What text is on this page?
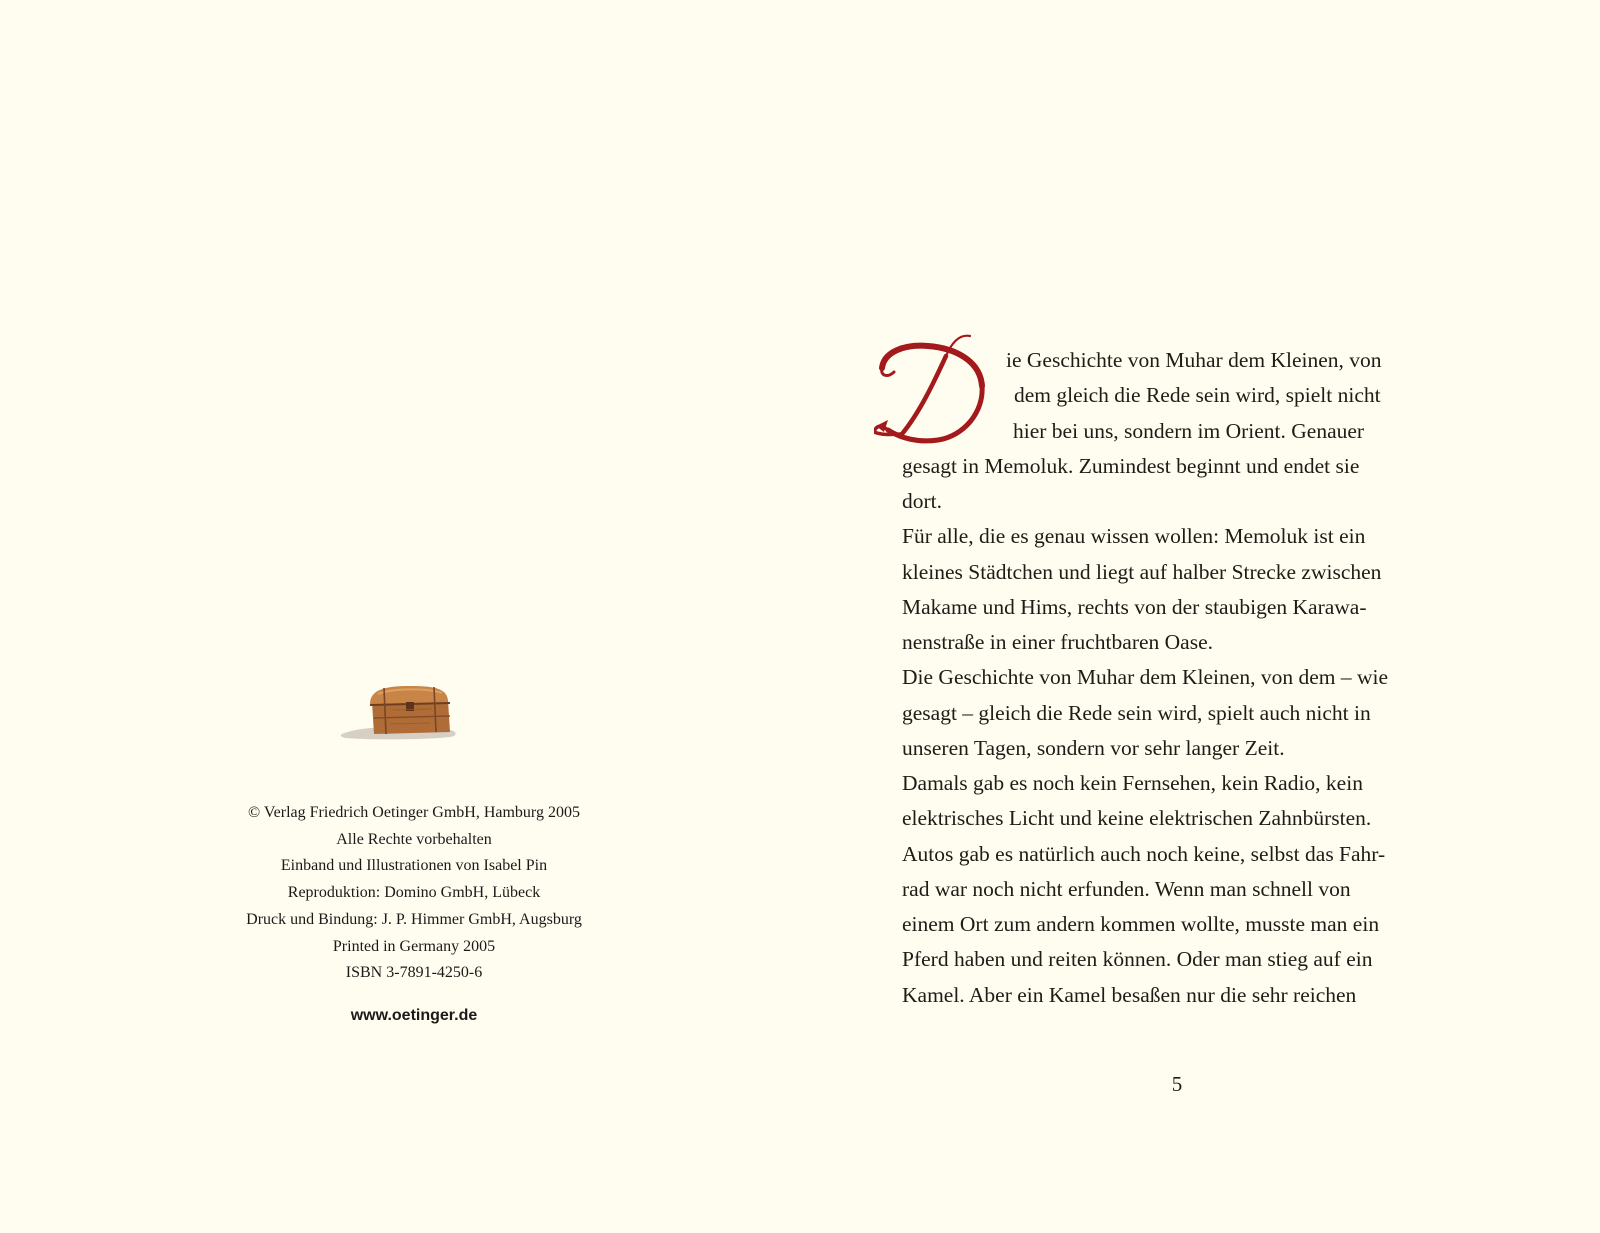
© Verlag Friedrich Oetinger GmbH, Hamburg 2005
Alle Rechte vorbehalten
Einband und Illustrationen von Isabel Pin
Reproduktion: Domino GmbH, Lübeck
Druck und Bindung: J. P. Himmer GmbH, Augsburg
Printed in Germany 2005
ISBN 3-7891-4250-6
www.oetinger.de
ie Geschichte von Muhar dem Kleinen, von
dem gleich die Rede sein wird, spielt nicht
hier bei uns, sondern im Orient. Genauer
gesagt in Memoluk. Zumindest beginnt und endet sie
dort.
Für alle, die es genau wissen wollen: Memoluk ist ein
kleines Städtchen und liegt auf halber Strecke zwischen
Makame und Hims, rechts von der staubigen Karawa-
nenstraße in einer fruchtbaren Oase.
Die Geschichte von Muhar dem Kleinen, von dem – wie
gesagt – gleich die Rede sein wird, spielt auch nicht in
unseren Tagen, sondern vor sehr langer Zeit.
Damals gab es noch kein Fernsehen, kein Radio, kein
elektrisches Licht und keine elektrischen Zahnbürsten.
Autos gab es natürlich auch noch keine, selbst das Fahr-
rad war noch nicht erfunden. Wenn man schnell von
einem Ort zum andern kommen wollte, musste man ein
Pferd haben und reiten können. Oder man stieg auf ein
Kamel. Aber ein Kamel besaßen nur die sehr reichen
5
